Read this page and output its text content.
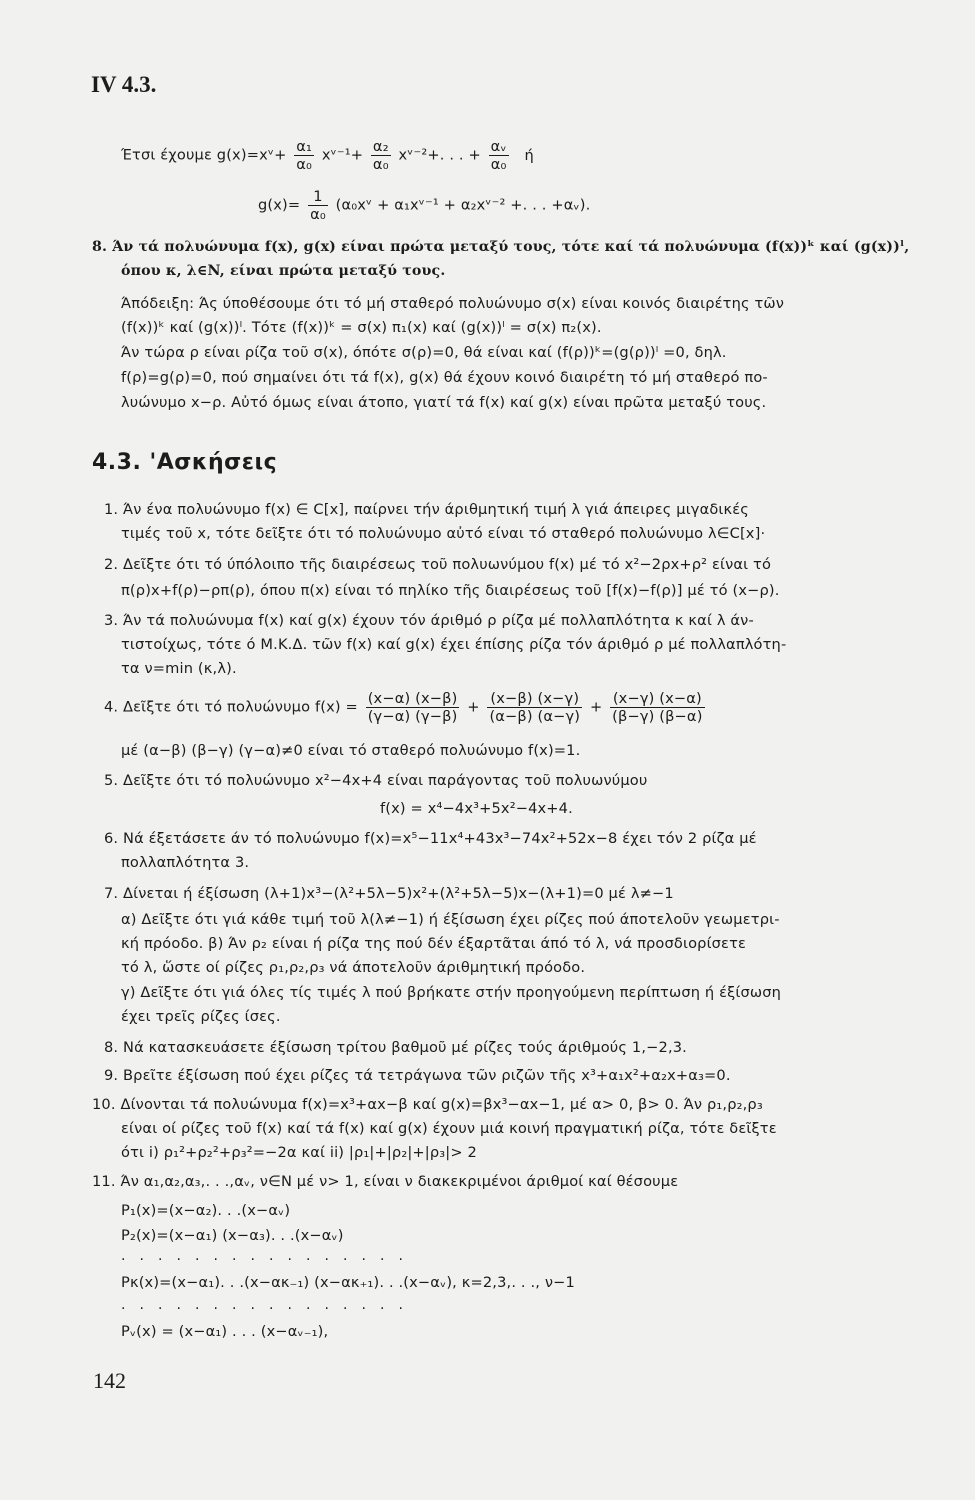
IV 4.3.
Έτσι έχουμε g(x)=xᵛ+ $\frac{\text{α₁}}{\text{α₀}}$ xᵛ⁻¹+ $\frac{\text{α₂}}{\text{α₀}}$ xᵛ⁻²+. . . + $\frac{\text{αᵥ}}{\text{α₀}}$ ή
$g(x)= \frac{1}{\text{α₀}}$ (α₀xᵛ + α₁xᵛ⁻¹ + α₂xᵛ⁻² +. . . +αᵥ).
8. Άν τά πολυώνυμα f(x), g(x) είναι πρώτα μεταξύ τους, τότε καί τά πολυώνυμα (f(x))ᵏ καί (g(x))ˡ,
όπου κ, λ∈N, είναι πρώτα μεταξύ τους.
Άπόδειξη: Άς ύποθέσουμε ότι τό μή σταθερό πολυώνυμο σ(x) είναι κοινός διαιρέτης τῶν
(f(x))ᵏ καί (g(x))ˡ. Τότε (f(x))ᵏ = σ(x) π₁(x) καί (g(x))ˡ = σ(x) π₂(x).
Άν τώρα ρ είναι ρίζα τοῦ σ(x), όπότε σ(ρ)=0, θά είναι καί (f(ρ))ᵏ=(g(ρ))ˡ =0, δηλ.
f(ρ)=g(ρ)=0, πού σημαίνει ότι τά f(x), g(x) θά έχουν κοινό διαιρέτη τό μή σταθερό πο-
λυώνυμο x−ρ. Αὐτό όμως είναι άτοπο, γιατί τά f(x) καί g(x) είναι πρῶτα μεταξύ τους.
4.3. 'Ασκήσεις
1. Άν ένα πολυώνυμο f(x) ∈ C[x], παίρνει τήν άριθμητική τιμή λ γιά άπειρες μιγαδικές
τιμές τοῦ x, τότε δεῖξτε ότι τό πολυώνυμο αὐτό είναι τό σταθερό πολυώνυμο λ∈C[x]·
2. Δεῖξτε ότι τό ύπόλοιπο τῆς διαιρέσεως τοῦ πολυωνύμου f(x) μέ τό x²−2ρx+ρ² είναι τό
π(ρ)x+f(ρ)−ρπ(ρ), όπου π(x) είναι τό πηλίκο τῆς διαιρέσεως τοῦ [f(x)−f(ρ)] μέ τό (x−ρ).
3. Άν τά πολυώνυμα f(x) καί g(x) έχουν τόν άριθμό ρ ρίζα μέ πολλαπλότητα κ καί λ άν-
τιστοίχως, τότε ό Μ.Κ.Δ. τῶν f(x) καί g(x) έχει έπίσης ρίζα τόν άριθμό ρ μέ πολλαπλότη-
τα ν=min (κ,λ).
4. Δεῖξτε ότι τό πολυώνυμο $f(x) = \frac{(x-\alpha) (x-\beta)}{(\gamma-\alpha) (\gamma-\beta)} + \frac{(x-\beta) (x-\gamma)}{(\alpha-\beta) (\alpha-\gamma)} + \frac{(x-\gamma) (x-\alpha)}{(\beta-\gamma) (\beta-\alpha)}$
μέ (α−β) (β−γ) (γ−α)≠0 είναι τό σταθερό πολυώνυμο f(x)=1.
5. Δεῖξτε ότι τό πολυώνυμο x²−4x+4 είναι παράγοντας τοῦ πολυωνύμου
f(x) = x⁴−4x³+5x²−4x+4.
6. Νά έξετάσετε άν τό πολυώνυμο f(x)=x⁵−11x⁴+43x³−74x²+52x−8 έχει τόν 2 ρίζα μέ
πολλαπλότητα 3.
7. Δίνεται ή έξίσωση (λ+1)x³−(λ²+5λ−5)x²+(λ²+5λ−5)x−(λ+1)=0 μέ λ≠−1
α) Δεῖξτε ότι γιά κάθε τιμή τοῦ λ(λ≠−1) ή έξίσωση έχει ρίζες πού άποτελοῦν γεωμετρι-
κή πρόοδο. β) Άν ρ₂ είναι ή ρίζα της πού δέν έξαρτᾶται άπό τό λ, νά προσδιορίσετε
τό λ, ὥστε οί ρίζες ρ₁,ρ₂,ρ₃ νά άποτελοῦν άριθμητική πρόοδο.
γ) Δεῖξτε ότι γιά όλες τίς τιμές λ πού βρήκατε στήν προηγούμενη περίπτωση ή έξίσωση
έχει τρεῖς ρίζες ίσες.
8. Νά κατασκευάσετε έξίσωση τρίτου βαθμοῦ μέ ρίζες τούς άριθμούς 1,−2,3.
9. Βρεῖτε έξίσωση πού έχει ρίζες τά τετράγωνα τῶν ριζῶν τῆς x³+α₁x²+α₂x+α₃=0.
10. Δίνονται τά πολυώνυμα f(x)=x³+αx−β καί g(x)=βx³−αx−1, μέ α> 0, β> 0. Άν ρ₁,ρ₂,ρ₃
είναι οί ρίζες τοῦ f(x) καί τά f(x) καί g(x) έχουν μιά κοινή πραγματική ρίζα, τότε δεῖξτε
ότι i) ρ₁²+ρ₂²+ρ₃²=−2α καί ii) |ρ₁|+|ρ₂|+|ρ₃|> 2
11. Άν α₁,α₂,α₃,. . .,αᵥ, ν∈N μέ ν> 1, είναι ν διακεκριμένοι άριθμοί καί θέσουμε
P₁(x)=(x−α₂). . .(x−αᵥ)
P₂(x)=(x−α₁) (x−α₃). . .(x−αᵥ)
. . . . . . . . . . . . . . . .
Pκ(x)=(x−α₁). . .(x−ακ₋₁) (x−ακ₊₁). . .(x−αᵥ), κ=2,3,. . ., ν−1
. . . . . . . . . . . . . . . .
Pᵥ(x) = (x−α₁) . . . (x−αᵥ₋₁),
142
